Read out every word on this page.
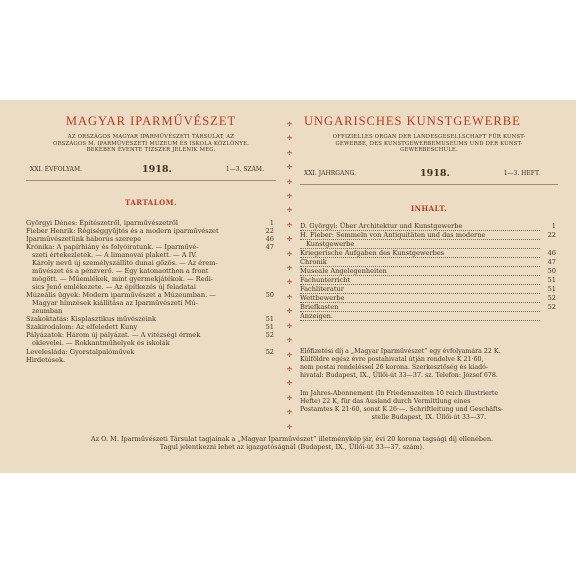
MAGYAR IPARMŰVÉSZET
AZ ORSZÁGOS MAGYAR IPARMŰVÉSZETI TÁRSULAT, AZ
ORSZÁGOS M. IPARMŰVÉSZETI MÚZEUM ÉS ISKOLA KÖZLÖNYE.
BEKÉBEN ÉVENTE TIZSZER JELENIK MEG.
XXI. ÉVFOLYAM.	1918.	1—3. SZÁM.
TARTALOM.
Györgyi Dénes: Építészetről, iparművészetről	1
Fieber Henrik: Régiséggyűjtés és a modern iparművészet	22
Iparművészetünk háborús szerepe	46
Krónika: A papírhiány és folyóiratunk. — Iparművé-
szeti értekezletek. — A limanovai plakett. — A IV.
Károly nevű új személyszállító dunai gőzös. — Az érem-
művészet és a pénzverő. — Egy katonaotthon a front
mögött. — Műemlékek, mint gyermekjátékok. — Redi-
sics Jenő emlékezete. — Az építkezés új feladatai
47
Múzeális ügyek: Modern iparművészet a Múzeumban. —
Magyar hímzések kiállítása az Iparművészeti Mú-
zeumban
50
Szakoktatás: Kisplasztikus művészeink	51
Szakirodalom: Az elfeledett Kuny	51
Pályázatok: Három új pályázat. — A vitézségi érmek
oklevelei. — Rokkantműhelyek és iskolák
52
Levelesláda: Gyorstalpalóművek	52
Hirdetések.
✣
✣
✣
✣
✣
✣
✣
✣
✣
✣
✣
✣
✣
✣
✣
✣
✣
✣
✣
✣
✣
✣
UNGARISCHES KUNSTGEWERBE
OFFIZIELLES ORGAN DER LANDESGESELLSCHAFT FÜR KUNST-
GEWERBE, DES KUNSTGEWERBEMUSEUMS UND DER KUNST-
GEWERBESCHULE.
XXI. JAHRGANG.	1918.	1—3. HEFT.
INHALT.
D. Györgyi: Über Architektur und Kunstgewerbe	1
H. Fieber: Semmeln von Antiquitäten und das moderne
Kunstgewerbe
22
Kriegerische Aufgaben des Kunstgewerbes	46
Chronik	47
Museale Angelegenheiten	50
Fachunterricht	51
Fachliteratur	51
Wettbewerbe	52
Briefkasten	52
Anzeigen.
Előfizetési díj a „Magyar Iparművészet” egy évfolyamára 22 K.
Külföldre egész évre postahivatal útján rendelve K 21·60,
nem postai rendeléssel 26 korona. Szerkesztőség és kiadó-
hivatal: Budapest, IX., Üllői-út 33—37. sz. Telefon: József 678.
Im Jahres-Abonnement (In Friedenszeiten 10 reich illustrierte
Hefte) 22 K, für das Ausland durch Vermittlung eines
Postamtes K 21·60, sonst K 26·—. Schriftleitung und Geschäfts-
stelle Budapest, IX. Üllői-út 33—37.
Az O. M. Iparművészeti Társulat tagjainak a „Magyar Iparművészet” illetménykép jár, évi 20 korona tagsági díj ellenében.
Tagul jelentkezni lehet az igazgatóságnál (Budapest, IX., Üllői-út 33—37. szám).
